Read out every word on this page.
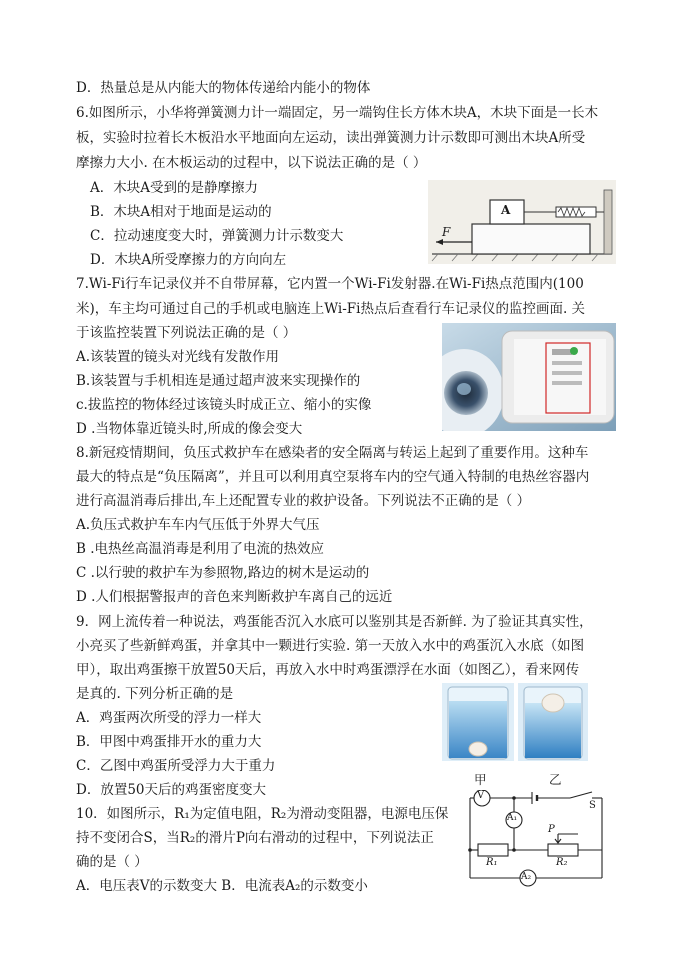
D．热量总是从内能大的物体传递给内能小的物体
6.如图所示，小华将弹簧测力计一端固定，另一端钩住长方体木块A，木块下面是一长木
板，实验时拉着长木板沿水平地面向左运动，读出弹簧测力计示数即可测出木块A所受
摩擦力大小. 在木板运动的过程中，以下说法正确的是（ ）
A．木块A受到的是静摩擦力
B．木块A相对于地面是运动的
C．拉动速度变大时，弹簧测力计示数变大
D．木块A所受摩擦力的方向向左
A
F
7.Wi-Fi行车记录仪并不自带屏幕，它内置一个Wi-Fi发射器.在Wi-Fi热点范围内(100
米)，车主均可通过自己的手机或电脑连上Wi-Fi热点后查看行车记录仪的监控画面. 关
于该监控装置下列说法正确的是（ ）
A.该装置的镜头对光线有发散作用
B.该装置与手机相连是通过超声波来实现操作的
c.拔监控的物体经过该镜头时成正立、缩小的实像
D .当物体靠近镜头时,所成的像会变大
8.新冠疫情期间，负压式救护车在感染者的安全隔离与转运上起到了重要作用。这种车
最大的特点是“负压隔离”，并且可以利用真空泵将车内的空气通入特制的电热丝容器内
进行高温消毒后排出,车上还配置专业的救护设备。下列说法不正确的是（ ）
A.负压式救护车车内气压低于外界大气压
B .电热丝高温消毒是利用了电流的热效应
C .以行驶的救护车为参照物,路边的树木是运动的
D .人们根据警报声的音色来判断救护车离自己的远近
9．网上流传着一种说法，鸡蛋能否沉入水底可以鉴别其是否新鲜. 为了验证其真实性，
小亮买了些新鲜鸡蛋，并拿其中一颗进行实验. 第一天放入水中的鸡蛋沉入水底（如图
甲），取出鸡蛋擦干放置50天后，再放入水中时鸡蛋漂浮在水面（如图乙），看来网传
是真的. 下列分析正确的是
A．鸡蛋两次所受的浮力一样大
B．甲图中鸡蛋排开水的重力大
C．乙图中鸡蛋所受浮力大于重力
D．放置50天后的鸡蛋密度变大
甲	乙
10．如图所示，R₁为定值电阻，R₂为滑动变阻器，电源电压保
持不变闭合S，当R₂的滑片P向右滑动的过程中，下列说法正
确的是（ ）
A．电压表V的示数变大 B．电流表A₂的示数变小
V
S
A₁
P
R₁	R₂
A₂
